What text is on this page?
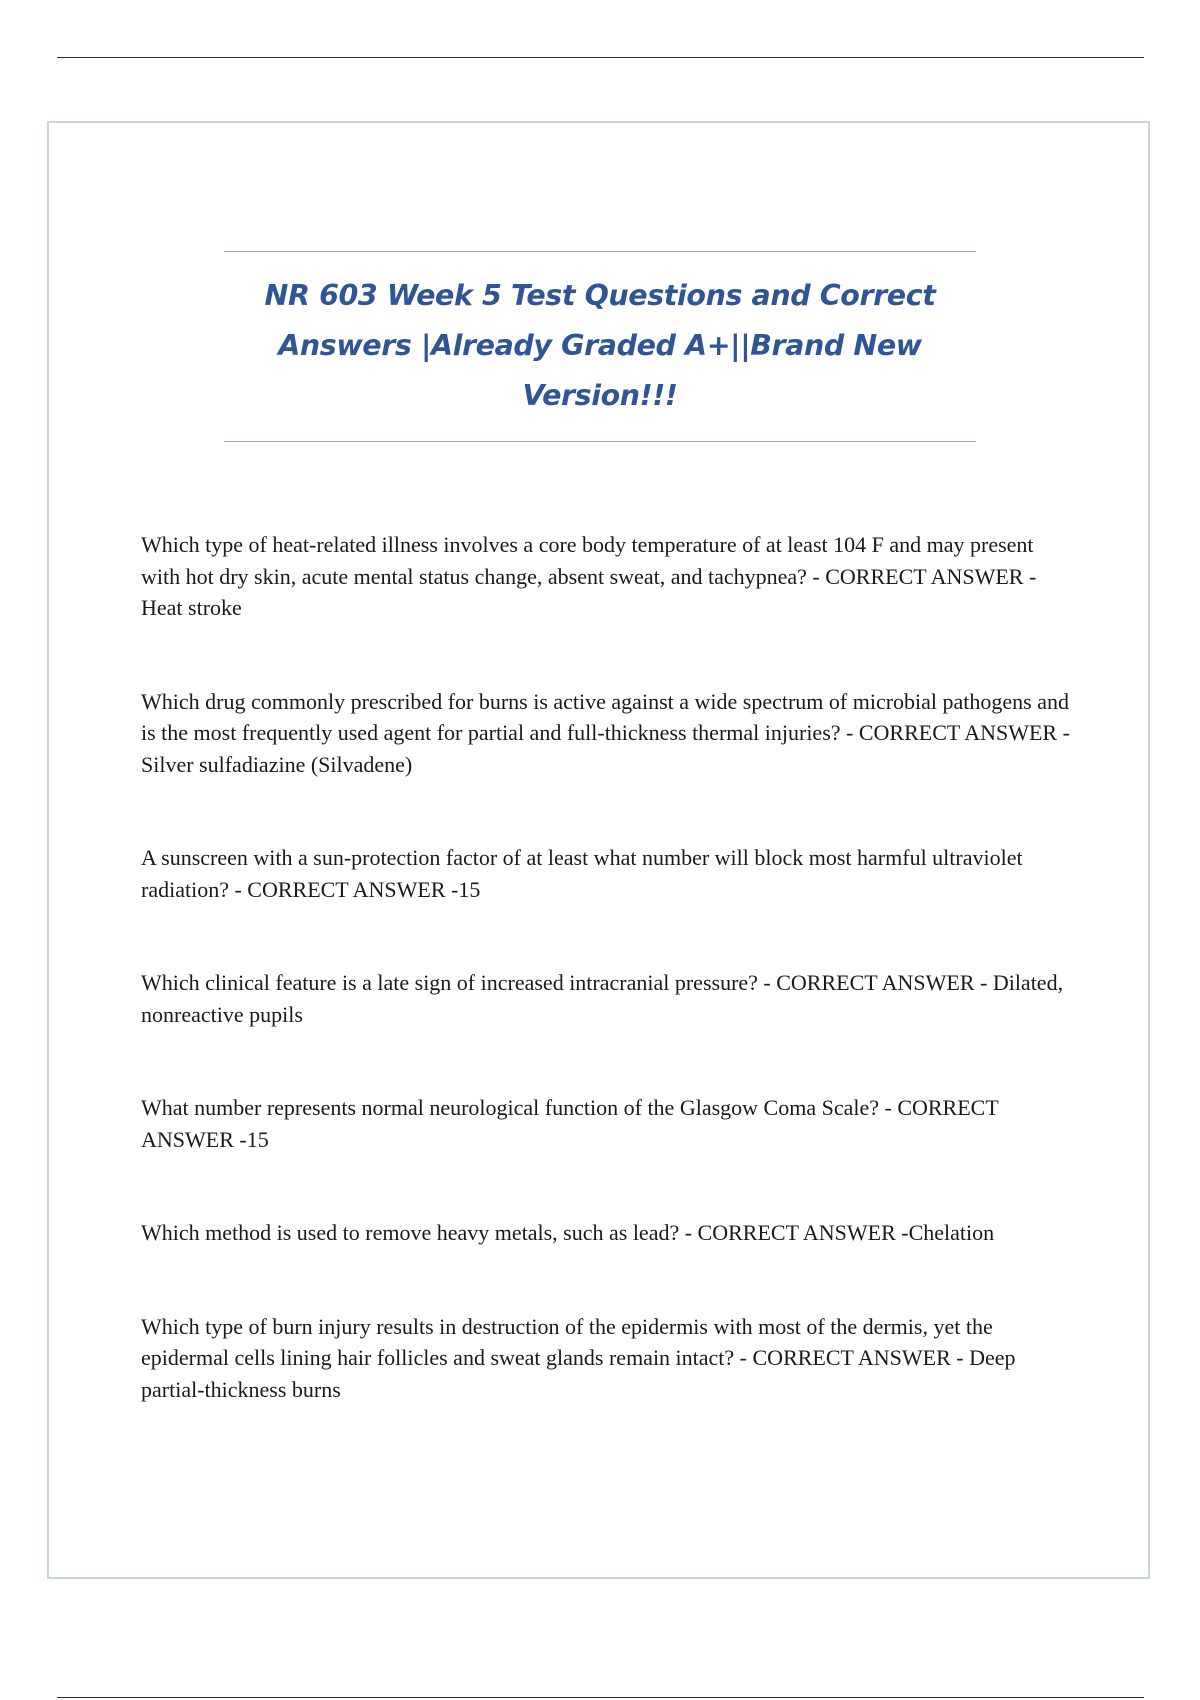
NR 603 Week 5 Test Questions and Correct
Answers |Already Graded A+||Brand New
Version!!!

Which type of heat-related illness involves a core body temperature of at least 104 F and may present with hot dry skin, acute mental status change, absent sweat, and tachypnea? - CORRECT ANSWER -Heat stroke

Which drug commonly prescribed for burns is active against a wide spectrum of microbial pathogens and is the most frequently used agent for partial and full-thickness thermal injuries? - CORRECT ANSWER -Silver sulfadiazine (Silvadene)

A sunscreen with a sun-protection factor of at least what number will block most harmful ultraviolet radiation? - CORRECT ANSWER -15

Which clinical feature is a late sign of increased intracranial pressure? - CORRECT ANSWER - Dilated, nonreactive pupils

What number represents normal neurological function of the Glasgow Coma Scale? - CORRECT ANSWER -15

Which method is used to remove heavy metals, such as lead? - CORRECT ANSWER -Chelation

Which type of burn injury results in destruction of the epidermis with most of the dermis, yet the epidermal cells lining hair follicles and sweat glands remain intact? - CORRECT ANSWER - Deep partial-thickness burns
